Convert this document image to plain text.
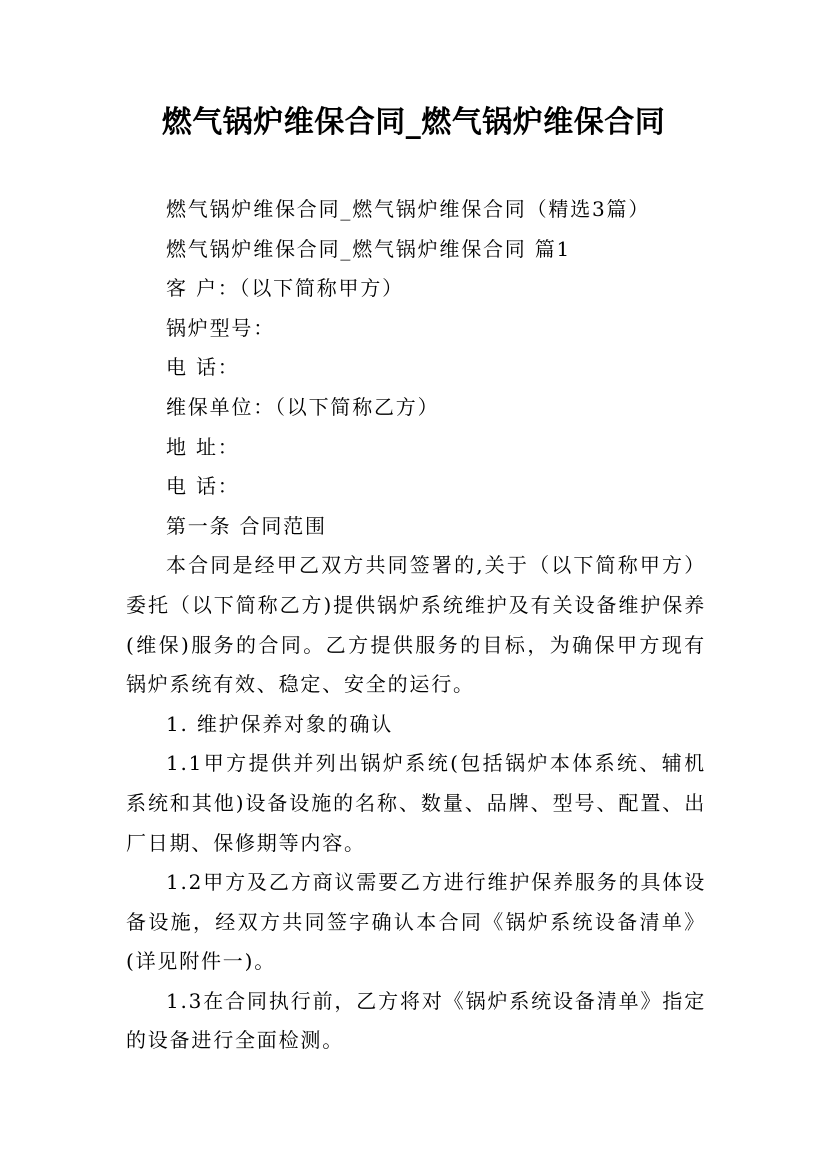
燃气锅炉维保合同_燃气锅炉维保合同

燃气锅炉维保合同_燃气锅炉维保合同（精选3篇）

燃气锅炉维保合同_燃气锅炉维保合同 篇1

客 户：（以下简称甲方）

锅炉型号：

电 话：

维保单位：（以下简称乙方）

地 址：

电 话：

第一条 合同范围

本合同是经甲乙双方共同签署的,关于（以下简称甲方）委托（以下简称乙方)提供锅炉系统维护及有关设备维护保养(维保)服务的合同。乙方提供服务的目标，为确保甲方现有锅炉系统有效、稳定、安全的运行。

1. 维护保养对象的确认

1.1甲方提供并列出锅炉系统(包括锅炉本体系统、辅机系统和其他)设备设施的名称、数量、品牌、型号、配置、出厂日期、保修期等内容。

1.2甲方及乙方商议需要乙方进行维护保养服务的具体设备设施，经双方共同签字确认本合同《锅炉系统设备清单》(详见附件一)。

1.3在合同执行前，乙方将对《锅炉系统设备清单》指定的设备进行全面检测。
